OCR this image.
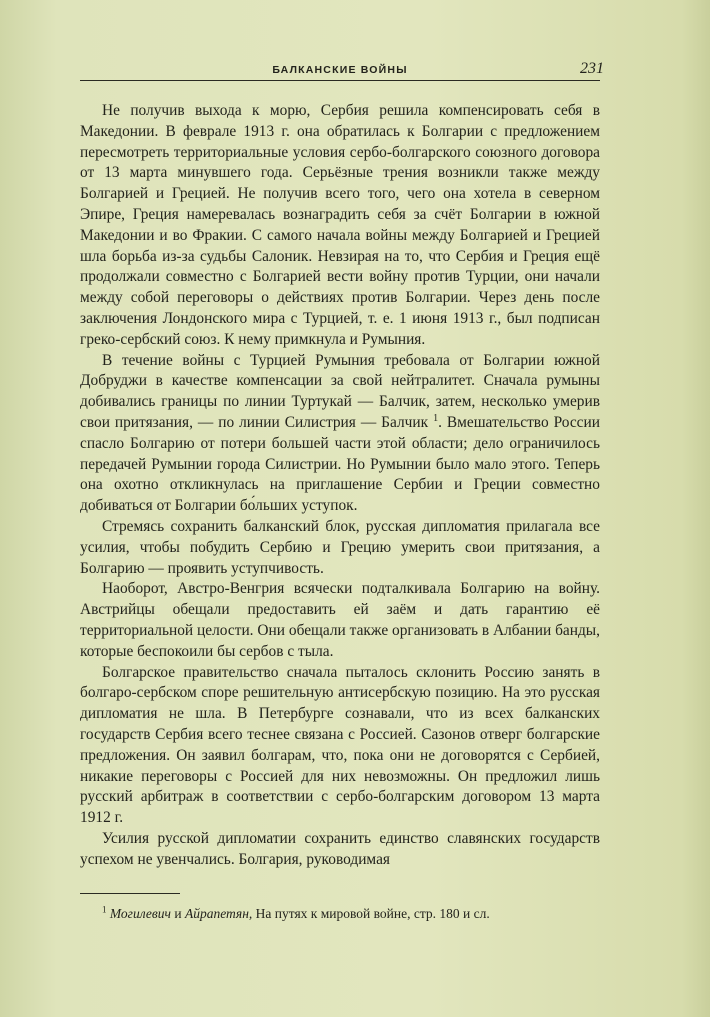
БАЛКАНСКИЕ ВОЙНЫ	231

Не получив выхода к морю, Сербия решила компенсировать себя в Македонии. В феврале 1913 г. она обратилась к Болгарии с предложением пересмотреть территориальные условия сербо-болгарского союзного договора от 13 марта минувшего года. Серьёзные трения возникли также между Болгарией и Грецией. Не получив всего того, чего она хотела в северном Эпире, Греция намеревалась вознаградить себя за счёт Болгарии в южной Македонии и во Фракии. С самого начала войны между Болгарией и Грецией шла борьба из-за судьбы Салоник. Невзирая на то, что Сербия и Греция ещё продолжали совместно с Болгарией вести войну против Турции, они начали между собой переговоры о действиях против Болгарии. Через день после заключения Лондонского мира с Турцией, т. е. 1 июня 1913 г., был подписан греко-сербский союз. К нему примкнула и Румыния.

В течение войны с Турцией Румыния требовала от Болгарии южной Добруджи в качестве компенсации за свой нейтралитет. Сначала румыны добивались границы по линии Туртукай — Балчик, затем, несколько умерив свои притязания, — по линии Силистрия — Балчик $^1$. Вмешательство России спасло Болгарию от потери большей части этой области; дело ограничилось передачей Румынии города Силистрии. Но Румынии было мало этого. Теперь она охотно откликнулась на приглашение Сербии и Греции совместно добиваться от Болгарии бо́льших уступок.

Стремясь сохранить балканский блок, русская дипломатия прилагала все усилия, чтобы побудить Сербию и Грецию умерить свои притязания, а Болгарию — проявить уступчивость.

Наоборот, Австро-Венгрия всячески подталкивала Болгарию на войну. Австрийцы обещали предоставить ей заём и дать гарантию её территориальной целости. Они обещали также организовать в Албании банды, которые беспокоили бы сербов с тыла.

Болгарское правительство сначала пыталось склонить Россию занять в болгаро-сербском споре решительную антисербскую позицию. На это русская дипломатия не шла. В Петербурге сознавали, что из всех балканских государств Сербия всего теснее связана с Россией. Сазонов отверг болгарские предложения. Он заявил болгарам, что, пока они не договорятся с Сербией, никакие переговоры с Россией для них невозможны. Он предложил лишь русский арбитраж в соответствии с сербо-болгарским договором 13 марта 1912 г.

Усилия русской дипломатии сохранить единство славянских государств успехом не увенчались. Болгария, руководимая

$^1$ Могилевич и Айрапетян, На путях к мировой войне, стр. 180 и сл.
